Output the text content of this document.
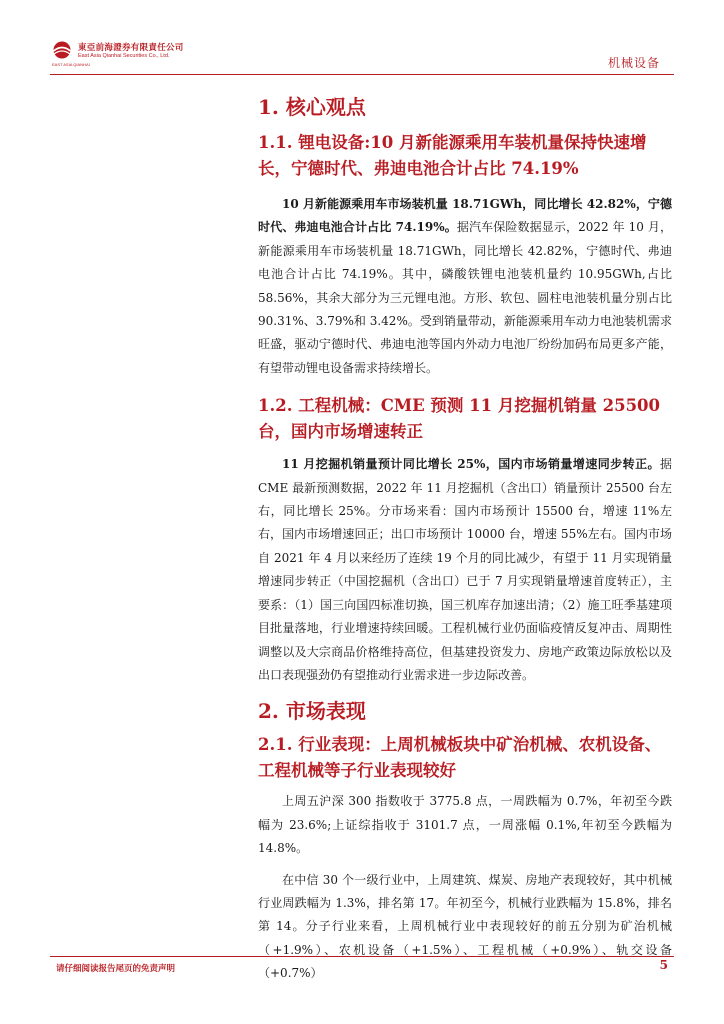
東亞前海證券有限責任公司
East Asia Qianhai Securities Co., Ltd.
EAST ASIA QIANHAI	机械设备
1. 核心观点
1.1. 锂电设备:10 月新能源乘用车装机量保持快速增长，宁德时代、弗迪电池合计占比 74.19%

10 月新能源乘用车市场装机量 18.71GWh，同比增长 42.82%，宁德时代、弗迪电池合计占比 74.19%。据汽车保险数据显示，2022 年 10 月，新能源乘用车市场装机量 18.71GWh，同比增长 42.82%，宁德时代、弗迪电池合计占比 74.19%。其中，磷酸铁锂电池装机量约 10.95GWh,占比 58.56%，其余大部分为三元锂电池。方形、软包、圆柱电池装机量分别占比 90.31%、3.79%和 3.42%。受到销量带动，新能源乘用车动力电池装机需求旺盛，驱动宁德时代、弗迪电池等国内外动力电池厂纷纷加码布局更多产能，有望带动锂电设备需求持续增长。

1.2. 工程机械：CME 预测 11 月挖掘机销量 25500 台，国内市场增速转正

11 月挖掘机销量预计同比增长 25%，国内市场销量增速同步转正。据 CME 最新预测数据，2022 年 11 月挖掘机（含出口）销量预计 25500 台左右，同比增长 25%。分市场来看：国内市场预计 15500 台，增速 11%左右，国内市场增速回正；出口市场预计 10000 台，增速 55%左右。国内市场自 2021 年 4 月以来经历了连续 19 个月的同比减少，有望于 11 月实现销量增速同步转正（中国挖掘机（含出口）已于 7 月实现销量增速首度转正），主要系：（1）国三向国四标准切换，国三机库存加速出清；（2）施工旺季基建项目批量落地，行业增速持续回暖。工程机械行业仍面临疫情反复冲击、周期性调整以及大宗商品价格维持高位，但基建投资发力、房地产政策边际放松以及出口表现强劲仍有望推动行业需求进一步边际改善。

2. 市场表现
2.1. 行业表现：上周机械板块中矿治机械、农机设备、工程机械等子行业表现较好

上周五沪深 300 指数收于 3775.8 点，一周跌幅为 0.7%，年初至今跌幅为 23.6%;上证综指收于 3101.7 点，一周涨幅 0.1%,年初至今跌幅为 14.8%。

在中信 30 个一级行业中，上周建筑、煤炭、房地产表现较好，其中机械行业周跌幅为 1.3%，排名第 17。年初至今，机械行业跌幅为 15.8%，排名第 14。分子行业来看，上周机械行业中表现较好的前五分别为矿治机械（+1.9%）、农机设备（+1.5%）、工程机械（+0.9%）、轨交设备（+0.7%）

请仔细阅读报告尾页的免责声明	5
